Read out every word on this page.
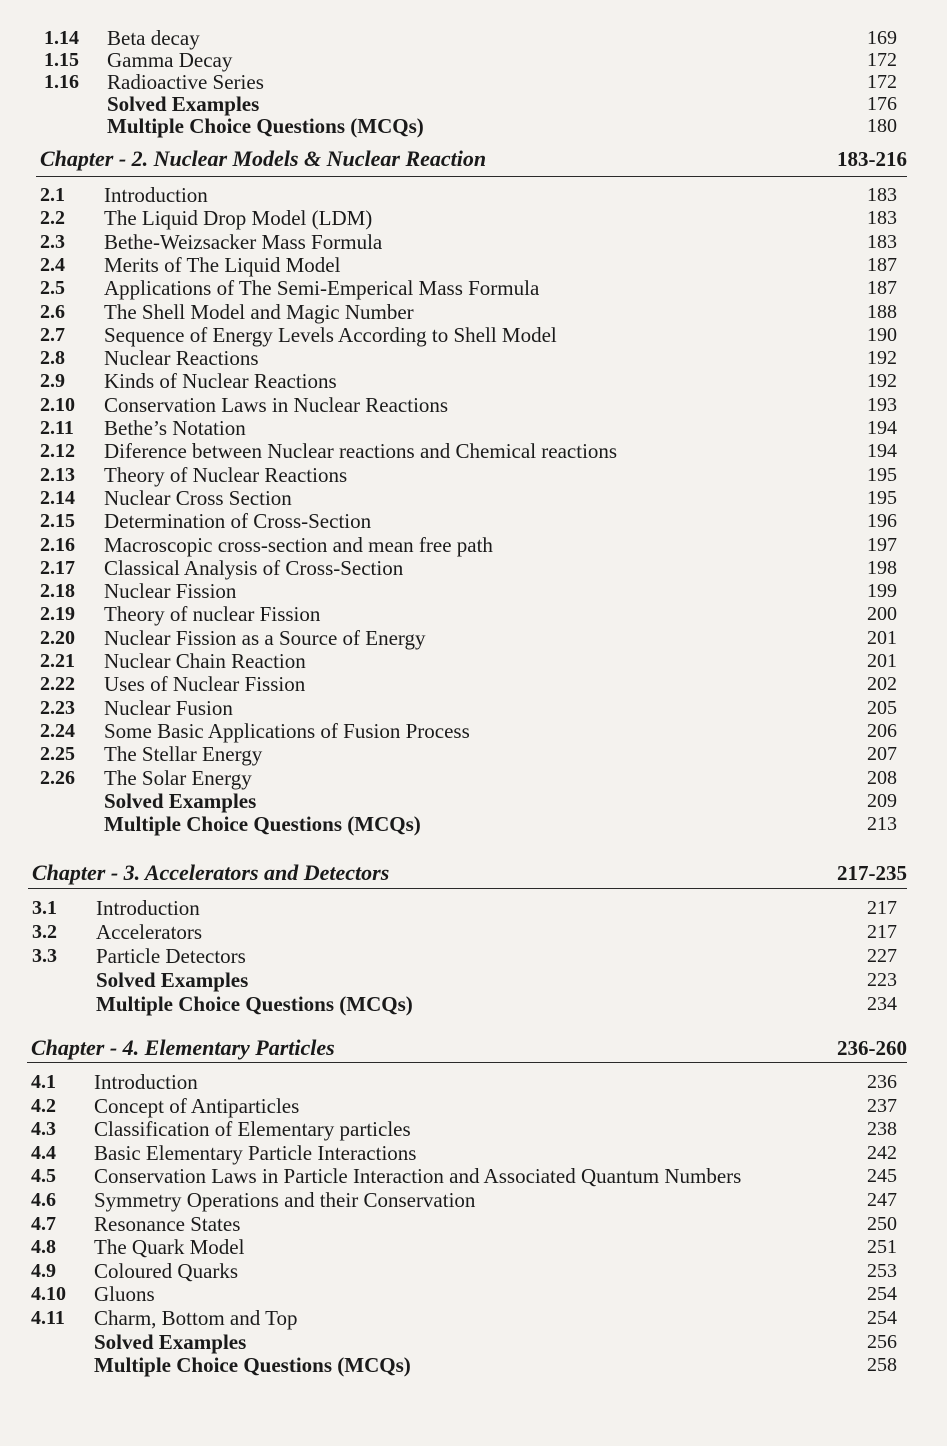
1.14 Beta decay	169
1.15 Gamma Decay	172
1.16 Radioactive Series	172
Solved Examples	176
Multiple Choice Questions (MCQs)	180
Chapter - 2. Nuclear Models & Nuclear Reaction	183-216
2.1 Introduction	183
2.2 The Liquid Drop Model (LDM)	183
2.3 Bethe-Weizsacker Mass Formula	183
2.4 Merits of The Liquid Model	187
2.5 Applications of The Semi-Emperical Mass Formula	187
2.6 The Shell Model and Magic Number	188
2.7 Sequence of Energy Levels According to Shell Model	190
2.8 Nuclear Reactions	192
2.9 Kinds of Nuclear Reactions	192
2.10 Conservation Laws in Nuclear Reactions	193
2.11 Bethe’s Notation	194
2.12 Diference between Nuclear reactions and Chemical reactions	194
2.13 Theory of Nuclear Reactions	195
2.14 Nuclear Cross Section	195
2.15 Determination of Cross-Section	196
2.16 Macroscopic cross-section and mean free path	197
2.17 Classical Analysis of Cross-Section	198
2.18 Nuclear Fission	199
2.19 Theory of nuclear Fission	200
2.20 Nuclear Fission as a Source of Energy	201
2.21 Nuclear Chain Reaction	201
2.22 Uses of Nuclear Fission	202
2.23 Nuclear Fusion	205
2.24 Some Basic Applications of Fusion Process	206
2.25 The Stellar Energy	207
2.26 The Solar Energy	208
Solved Examples	209
Multiple Choice Questions (MCQs)	213
Chapter - 3. Accelerators and Detectors	217-235
3.1 Introduction	217
3.2 Accelerators	217
3.3 Particle Detectors	227
Solved Examples	223
Multiple Choice Questions (MCQs)	234
Chapter - 4. Elementary Particles	236-260
4.1 Introduction	236
4.2 Concept of Antiparticles	237
4.3 Classification of Elementary particles	238
4.4 Basic Elementary Particle Interactions	242
4.5 Conservation Laws in Particle Interaction and Associated Quantum Numbers	245
4.6 Symmetry Operations and their Conservation	247
4.7 Resonance States	250
4.8 The Quark Model	251
4.9 Coloured Quarks	253
4.10 Gluons	254
4.11 Charm, Bottom and Top	254
Solved Examples	256
Multiple Choice Questions (MCQs)	258
